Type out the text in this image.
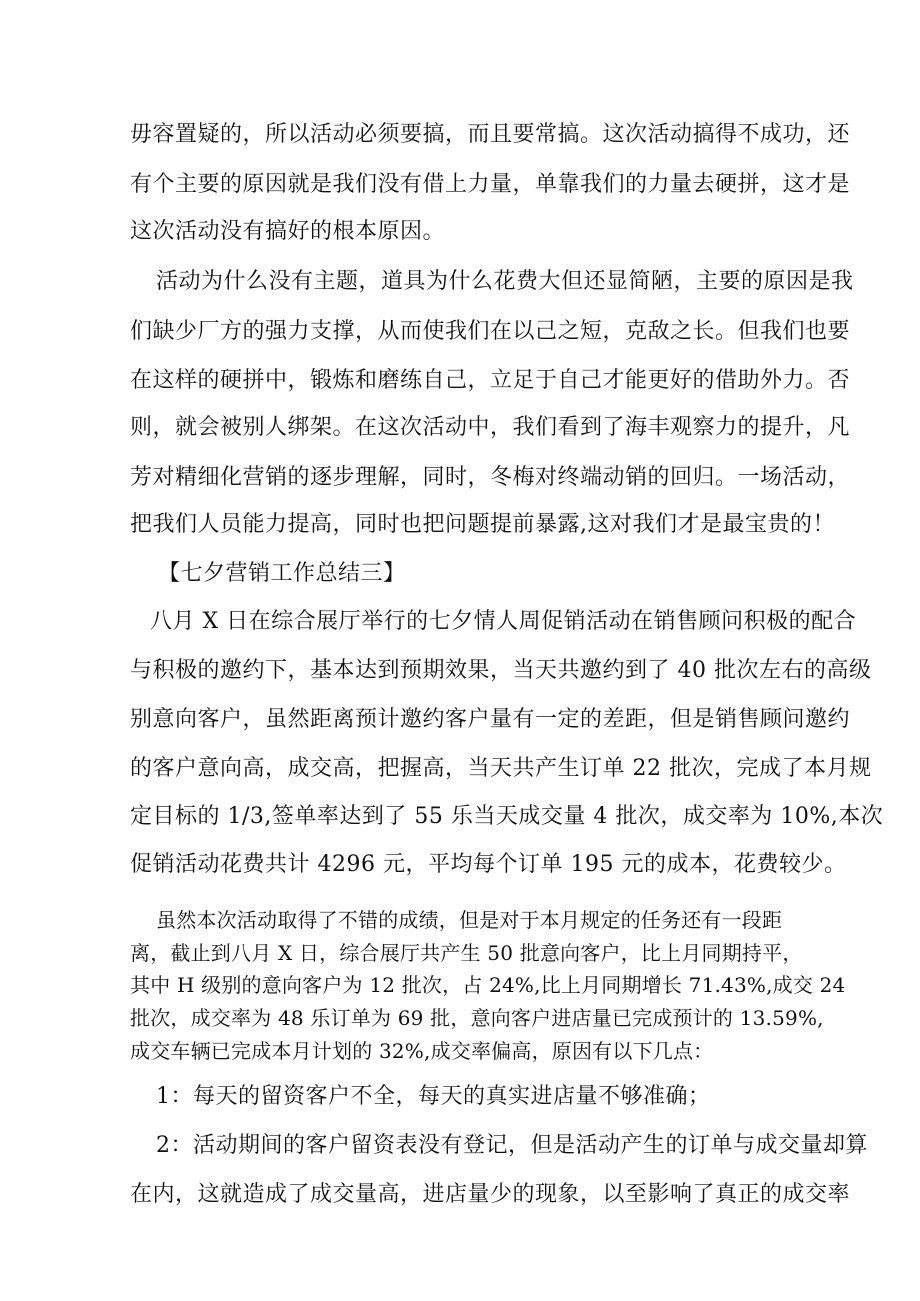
毋容置疑的，所以活动必须要搞，而且要常搞。这次活动搞得不成功，还
有个主要的原因就是我们没有借上力量，单靠我们的力量去硬拼，这才是
这次活动没有搞好的根本原因。
活动为什么没有主题，道具为什么花费大但还显简陋，主要的原因是我
们缺少厂方的强力支撑，从而使我们在以己之短，克敌之长。但我们也要
在这样的硬拼中，锻炼和磨练自己，立足于自己才能更好的借助外力。否
则，就会被别人绑架。在这次活动中，我们看到了海丰观察力的提升，凡
芳对精细化营销的逐步理解，同时，冬梅对终端动销的回归。一场活动，
把我们人员能力提高，同时也把问题提前暴露,这对我们才是最宝贵的！
【七夕营销工作总结三】
八月 X 日在综合展厅举行的七夕情人周促销活动在销售顾问积极的配合
与积极的邀约下，基本达到预期效果，当天共邀约到了 40 批次左右的高级
别意向客户，虽然距离预计邀约客户量有一定的差距，但是销售顾问邀约
的客户意向高，成交高，把握高，当天共产生订单 22 批次，完成了本月规
定目标的 1/3,签单率达到了 55 乐当天成交量 4 批次，成交率为 10%,本次
促销活动花费共计 4296 元，平均每个订单 195 元的成本，花费较少。
虽然本次活动取得了不错的成绩，但是对于本月规定的任务还有一段距
离，截止到八月 X 日，综合展厅共产生 50 批意向客户，比上月同期持平，
其中 H 级别的意向客户为 12 批次，占 24%,比上月同期增长 71.43%,成交 24
批次，成交率为 48 乐订单为 69 批，意向客户进店量已完成预计的 13.59%,
成交车辆已完成本月计划的 32%,成交率偏高，原因有以下几点：
1：每天的留资客户不全，每天的真实进店量不够准确；
2：活动期间的客户留资表没有登记，但是活动产生的订单与成交量却算
在内，这就造成了成交量高，进店量少的现象，以至影响了真正的成交率
